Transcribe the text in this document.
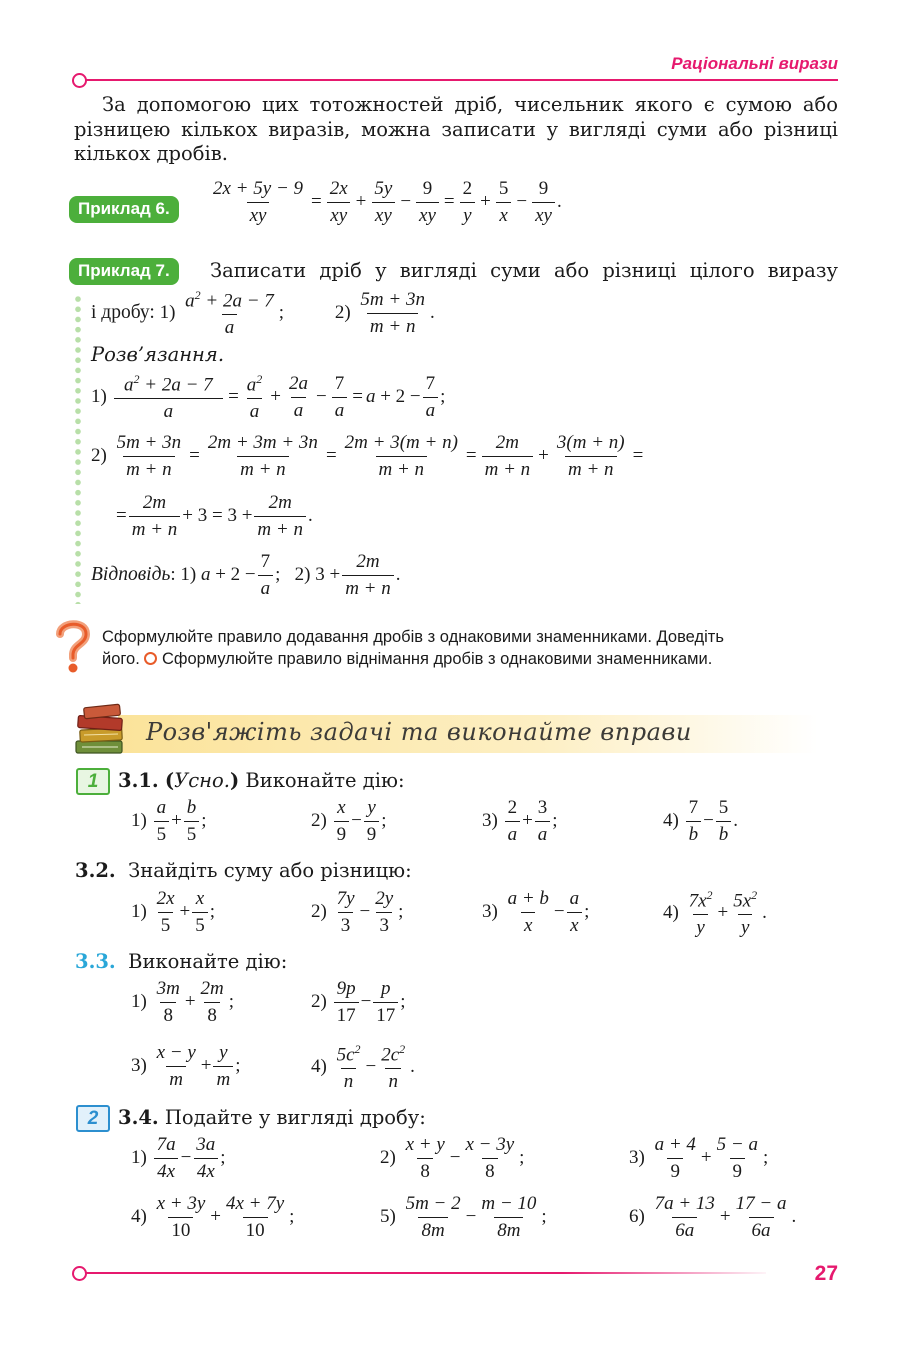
Раціональні вирази
За допомогою цих тотожностей дріб, чисельник якого є сумою або різницею кількох виразів, можна записати у вигляді суми або різниці кількох дробів.
Приклад 6.	$\frac{2x + 5y - 9}{xy} = \frac{2x}{xy} + \frac{5y}{xy} - \frac{9}{xy} = \frac{2}{y} + \frac{5}{x} - \frac{9}{xy}$ .
Приклад 7.	Записати дріб у вигляді суми або різниці цілого виразу
і дробу: $1) \frac{a^2 + 2a - 7}{a}$ ; $2) \frac{5m + 3n}{m + n}$ .
Розв’язання.
$1) \frac{a^2 + 2a - 7}{a} = \frac{a^2}{a} + \frac{2a}{a} - \frac{7}{a} = a + 2 - \frac{7}{a}$ ;
$2) \frac{5m + 3n}{m + n} = \frac{2m + 3m + 3n}{m + n} = \frac{2m + 3(m + n)}{m + n} = \frac{2m}{m + n} + \frac{3(m + n)}{m + n}$ =
= $\frac{2m}{m + n} + 3 = 3 + \frac{2m}{m + n}$ .
Відповідь: 1) $a + 2 - \frac{7}{a}$ ;   2) $3 + \frac{2m}{m + n}$ .
Сформулюйте правило додавання дробів з однаковими знаменниками. Доведіть
його. Сформулюйте правило віднімання дробів з однаковими знаменниками.
Розв'яжіть задачі та виконайте вправи
1	3.1. (Усно.) Виконайте дію:
$1) \frac{a}{5} + \frac{b}{5}$ ;	$2) \frac{x}{9} - \frac{y}{9}$ ;	$3) \frac{2}{a} + \frac{3}{a}$ ;	$4) \frac{7}{b} - \frac{5}{b}$ .
3.2. Знайдіть суму або різницю:
$1) \frac{2x}{5} + \frac{x}{5}$ ;	$2) \frac{7y}{3} - \frac{2y}{3}$ ;	$3) \frac{a + b}{x} - \frac{a}{x}$ ;	$4) \frac{7x^2}{y} + \frac{5x^2}{y}$ .
3.3. Виконайте дію:
$1) \frac{3m}{8} + \frac{2m}{8}$ ;	$2) \frac{9p}{17} - \frac{p}{17}$ ;
$3) \frac{x - y}{m} + \frac{y}{m}$ ;	$4) \frac{5c^2}{n} - \frac{2c^2}{n}$ .
2	3.4. Подайте у вигляді дробу:
$1) \frac{7a}{4x} - \frac{3a}{4x}$ ;	$2) \frac{x + y}{8} - \frac{x - 3y}{8}$ ;	$3) \frac{a + 4}{9} + \frac{5 - a}{9}$ ;
$4) \frac{x + 3y}{10} + \frac{4x + 7y}{10}$ ;	$5) \frac{5m - 2}{8m} - \frac{m - 10}{8m}$ ;	$6) \frac{7a + 13}{6a} + \frac{17 - a}{6a}$ .
27
